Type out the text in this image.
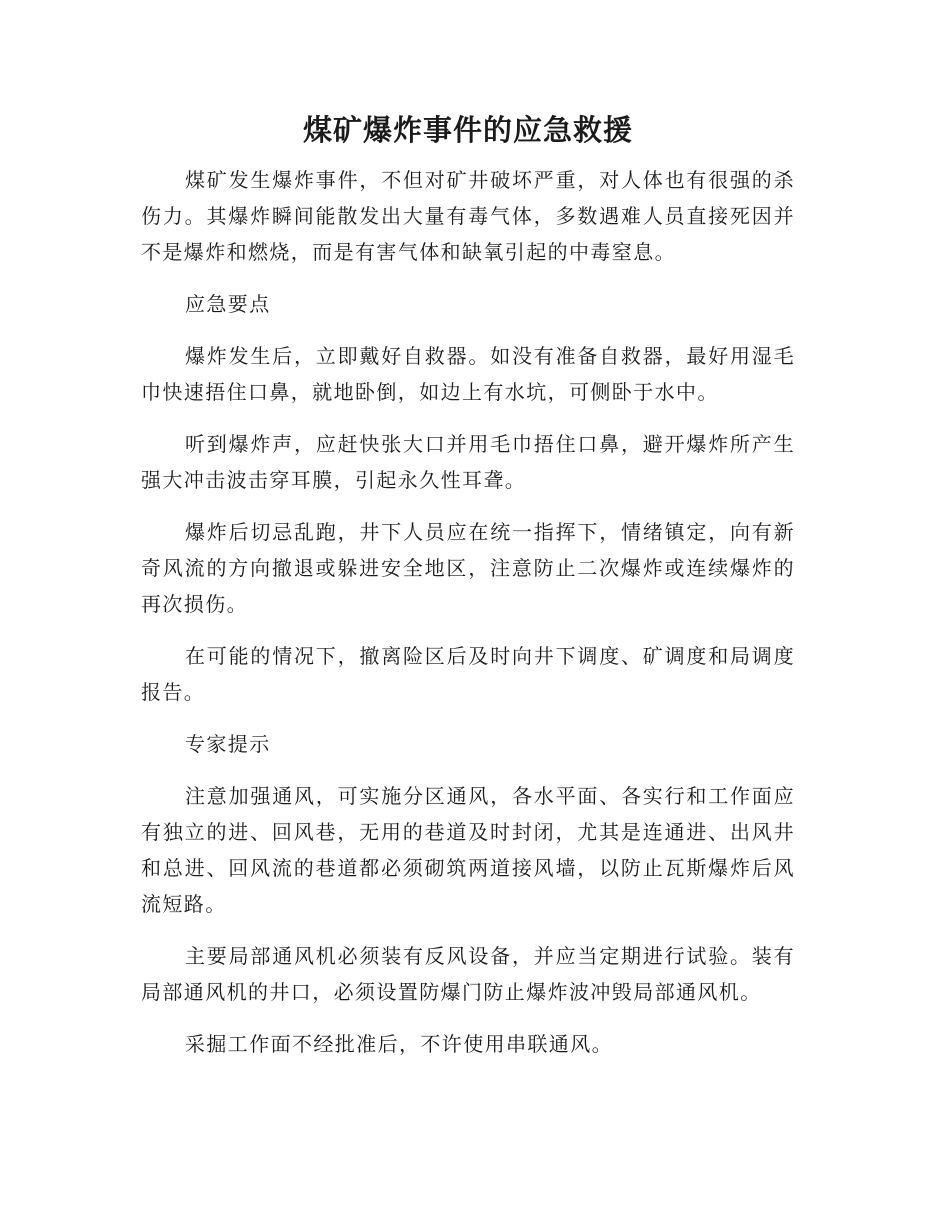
煤矿爆炸事件的应急救援

煤矿发生爆炸事件，不但对矿井破坏严重，对人体也有很强的杀伤力。其爆炸瞬间能散发出大量有毒气体，多数遇难人员直接死因并不是爆炸和燃烧，而是有害气体和缺氧引起的中毒窒息。

应急要点

爆炸发生后，立即戴好自救器。如没有准备自救器，最好用湿毛巾快速捂住口鼻，就地卧倒，如边上有水坑，可侧卧于水中。

听到爆炸声，应赶快张大口并用毛巾捂住口鼻，避开爆炸所产生强大冲击波击穿耳膜，引起永久性耳聋。

爆炸后切忌乱跑，井下人员应在统一指挥下，情绪镇定，向有新奇风流的方向撤退或躲进安全地区，注意防止二次爆炸或连续爆炸的再次损伤。

在可能的情况下，撤离险区后及时向井下调度、矿调度和局调度报告。

专家提示

注意加强通风，可实施分区通风，各水平面、各实行和工作面应有独立的进、回风巷，无用的巷道及时封闭，尤其是连通进、出风井和总进、回风流的巷道都必须砌筑两道接风墙，以防止瓦斯爆炸后风流短路。

主要局部通风机必须装有反风设备，并应当定期进行试验。装有局部通风机的井口，必须设置防爆门防止爆炸波冲毁局部通风机。

采掘工作面不经批准后，不许使用串联通风。
